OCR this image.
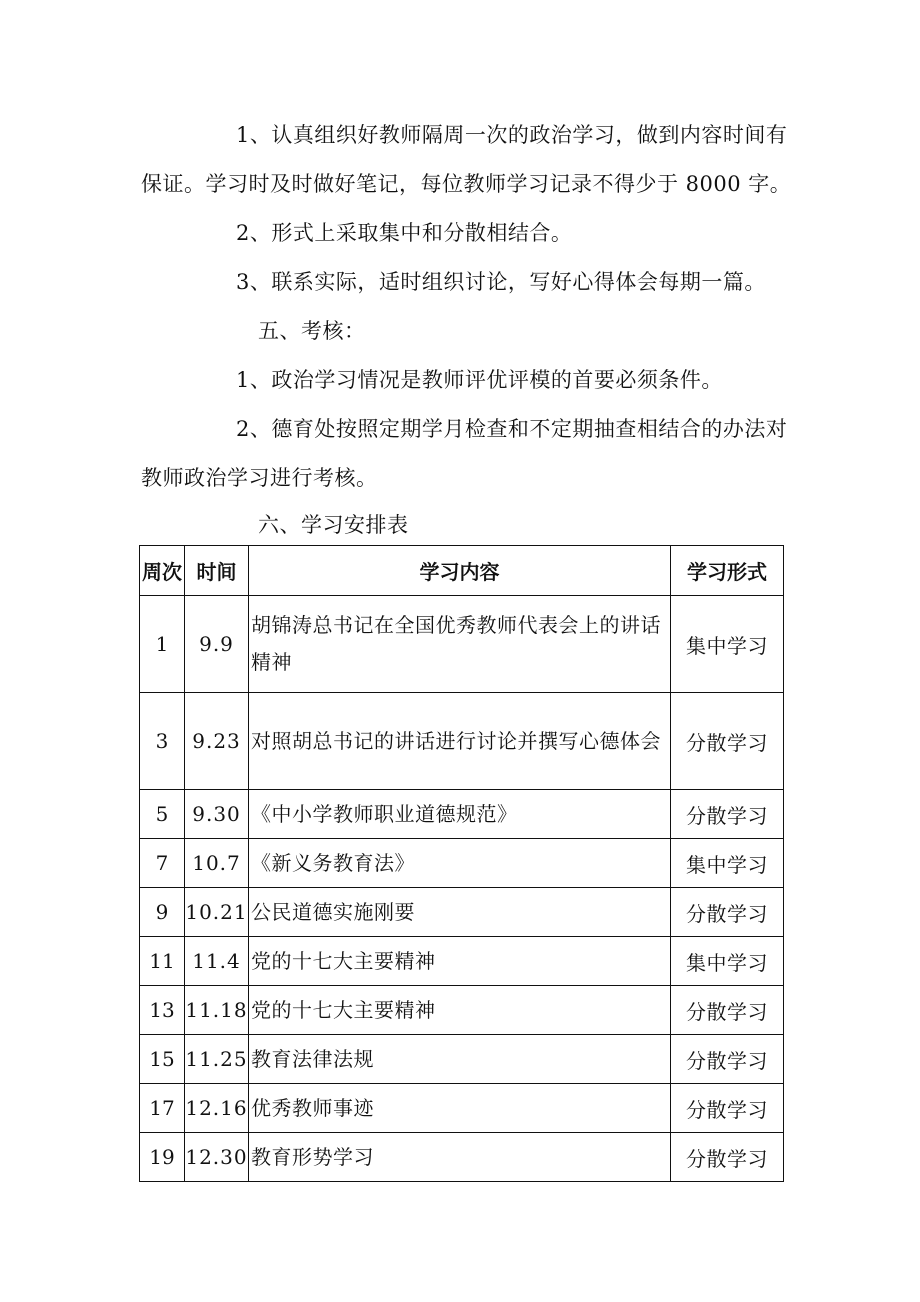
1、认真组织好教师隔周一次的政治学习，做到内容时间有
保证。学习时及时做好笔记，每位教师学习记录不得少于 8000 字。
2、形式上采取集中和分散相结合。
3、联系实际，适时组织讨论，写好心得体会每期一篇。
五、考核：
1、政治学习情况是教师评优评模的首要必须条件。
2、德育处按照定期学月检查和不定期抽查相结合的办法对
教师政治学习进行考核。
六、学习安排表
周次	时间	学习内容	学习形式
1	9.9	胡锦涛总书记在全国优秀教师代表会上的讲话精神	集中学习
3	9.23	对照胡总书记的讲话进行讨论并撰写心德体会	分散学习
5	9.30	《中小学教师职业道德规范》	分散学习
7	10.7	《新义务教育法》	集中学习
9	10.21	公民道德实施刚要	分散学习
11	11.4	党的十七大主要精神	集中学习
13	11.18	党的十七大主要精神	分散学习
15	11.25	教育法律法规	分散学习
17	12.16	优秀教师事迹	分散学习
19	12.30	教育形势学习	分散学习
